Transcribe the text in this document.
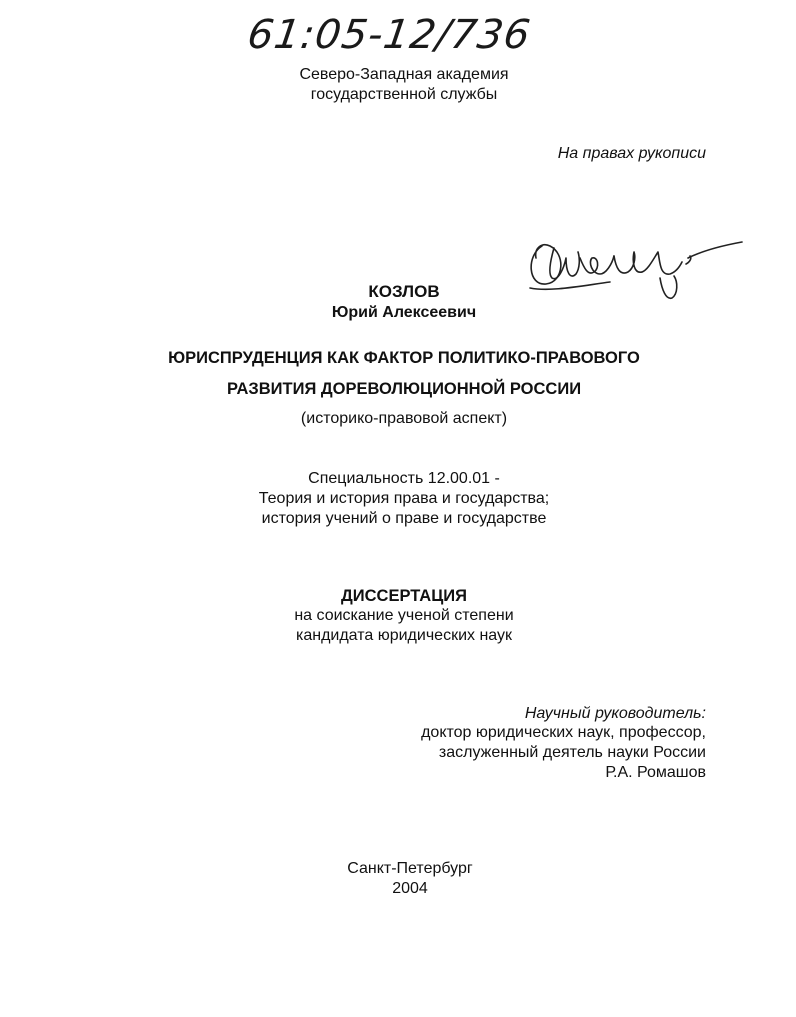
61:05-12/736
Северо-Западная академия
государственной службы
На правах рукописи
КОЗЛОВ
Юрий Алексеевич
ЮРИСПРУДЕНЦИЯ КАК ФАКТОР ПОЛИТИКО-ПРАВОВОГО
РАЗВИТИЯ ДОРЕВОЛЮЦИОННОЙ РОССИИ
(историко-правовой аспект)
Специальность 12.00.01 -
Теория и история права и государства;
история учений о праве и государстве
ДИССЕРТАЦИЯ
на соискание ученой степени
кандидата юридических наук
Научный руководитель:
доктор юридических наук, профессор,
заслуженный деятель науки России
Р.А. Ромашов
Санкт-Петербург
2004
